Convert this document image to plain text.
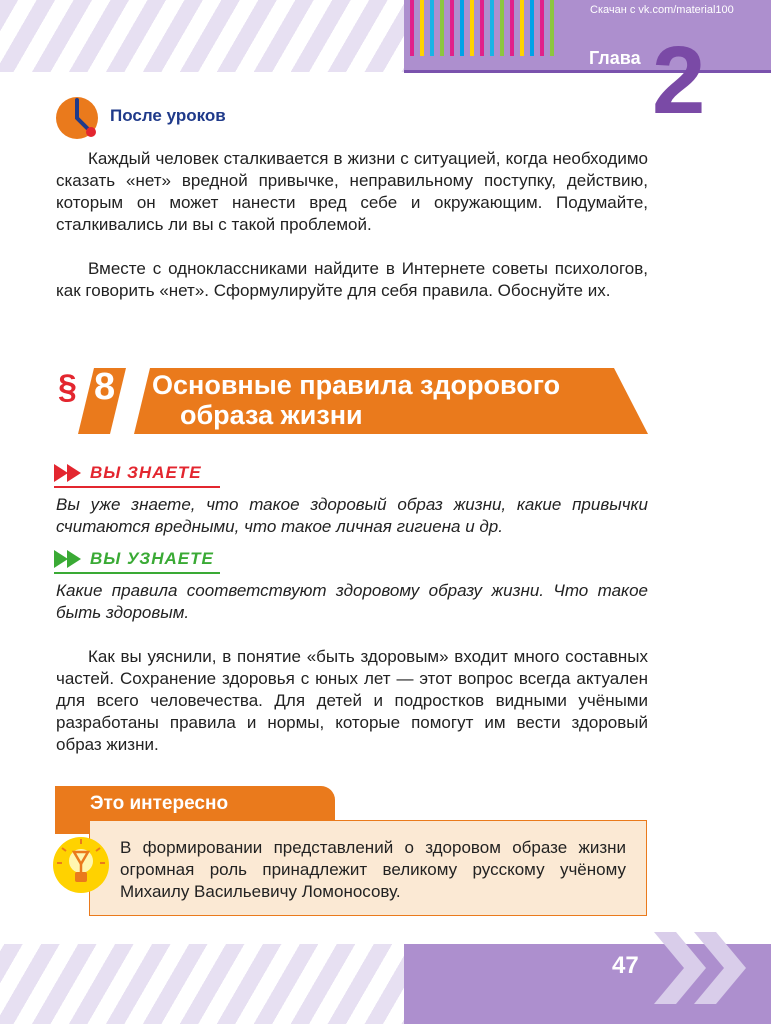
Скачан с vk.com/material100
Глава 2
После уроков

Каждый человек сталкивается в жизни с ситуацией, когда необходимо сказать «нет» вредной привычке, неправильному поступку, действию, которым он может нанести вред себе и окружающим. Подумайте, сталкивались ли вы с такой проблемой.

Вместе с одноклассниками найдите в Интернете советы психологов, как говорить «нет». Сформулируйте для себя правила. Обоснуйте их.

§ 8 Основные правила здорового
образа жизни
ВЫ ЗНАЕТЕ

Вы уже знаете, что такое здоровый образ жизни, какие привычки считаются вредными, что такое личная гигиена и др.

ВЫ УЗНАЕТЕ

Какие правила соответствуют здоровому образу жизни. Что такое быть здоровым.

Как вы уяснили, в понятие «быть здоровым» входит много составных частей. Сохранение здоровья с юных лет — этот вопрос всегда актуален для всего человечества. Для детей и подростков видными учёными разработаны правила и нормы, которые помогут им вести здоровый образ жизни.

Это интересно

В формировании представлений о здоровом образе жизни огромная роль принадлежит великому русскому учёному Михаилу Васильевичу Ломоносову.

47
